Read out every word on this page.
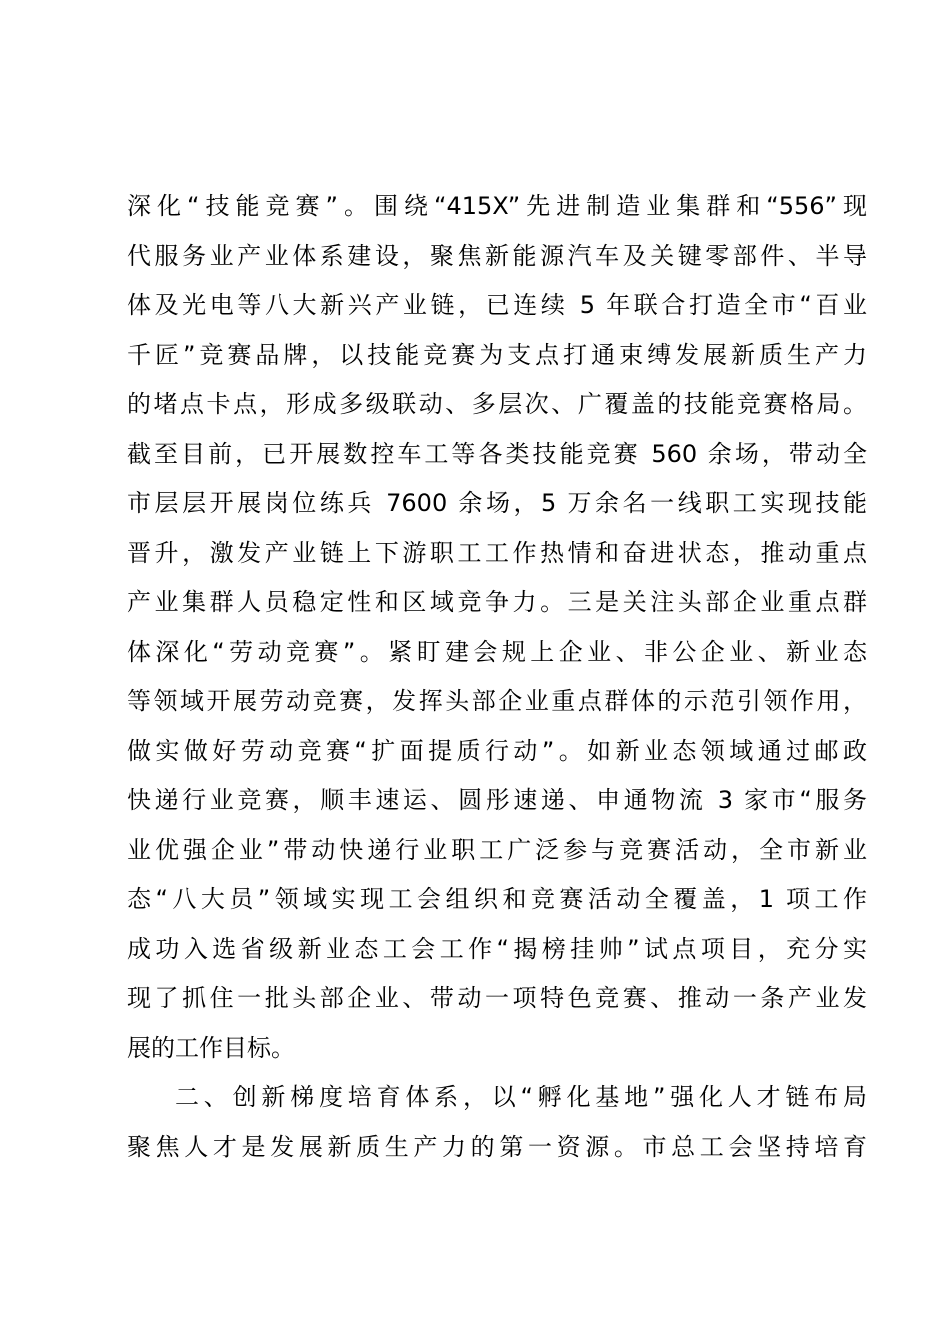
深化“技能竞赛”。围绕“415X”先进制造业集群和“556”现
代服务业产业体系建设，聚焦新能源汽车及关键零部件、半导
体及光电等八大新兴产业链，已连续 5 年联合打造全市“百业
千匠”竞赛品牌，以技能竞赛为支点打通束缚发展新质生产力
的堵点卡点，形成多级联动、多层次、广覆盖的技能竞赛格局。
截至目前，已开展数控车工等各类技能竞赛 560 余场，带动全
市层层开展岗位练兵 7600 余场，5 万余名一线职工实现技能
晋升，激发产业链上下游职工工作热情和奋进状态，推动重点
产业集群人员稳定性和区域竞争力。三是关注头部企业重点群
体深化“劳动竞赛”。紧盯建会规上企业、非公企业、新业态
等领域开展劳动竞赛，发挥头部企业重点群体的示范引领作用，
做实做好劳动竞赛“扩面提质行动”。如新业态领域通过邮政
快递行业竞赛，顺丰速运、圆彤速递、申通物流 3 家市“服务
业优强企业”带动快递行业职工广泛参与竞赛活动，全市新业
态“八大员”领域实现工会组织和竞赛活动全覆盖，1 项工作
成功入选省级新业态工会工作“揭榜挂帅”试点项目，充分实
现了抓住一批头部企业、带动一项特色竞赛、推动一条产业发
展的工作目标。
二、创新梯度培育体系，以“孵化基地”强化人才链布局
聚焦人才是发展新质生产力的第一资源。市总工会坚持培育
